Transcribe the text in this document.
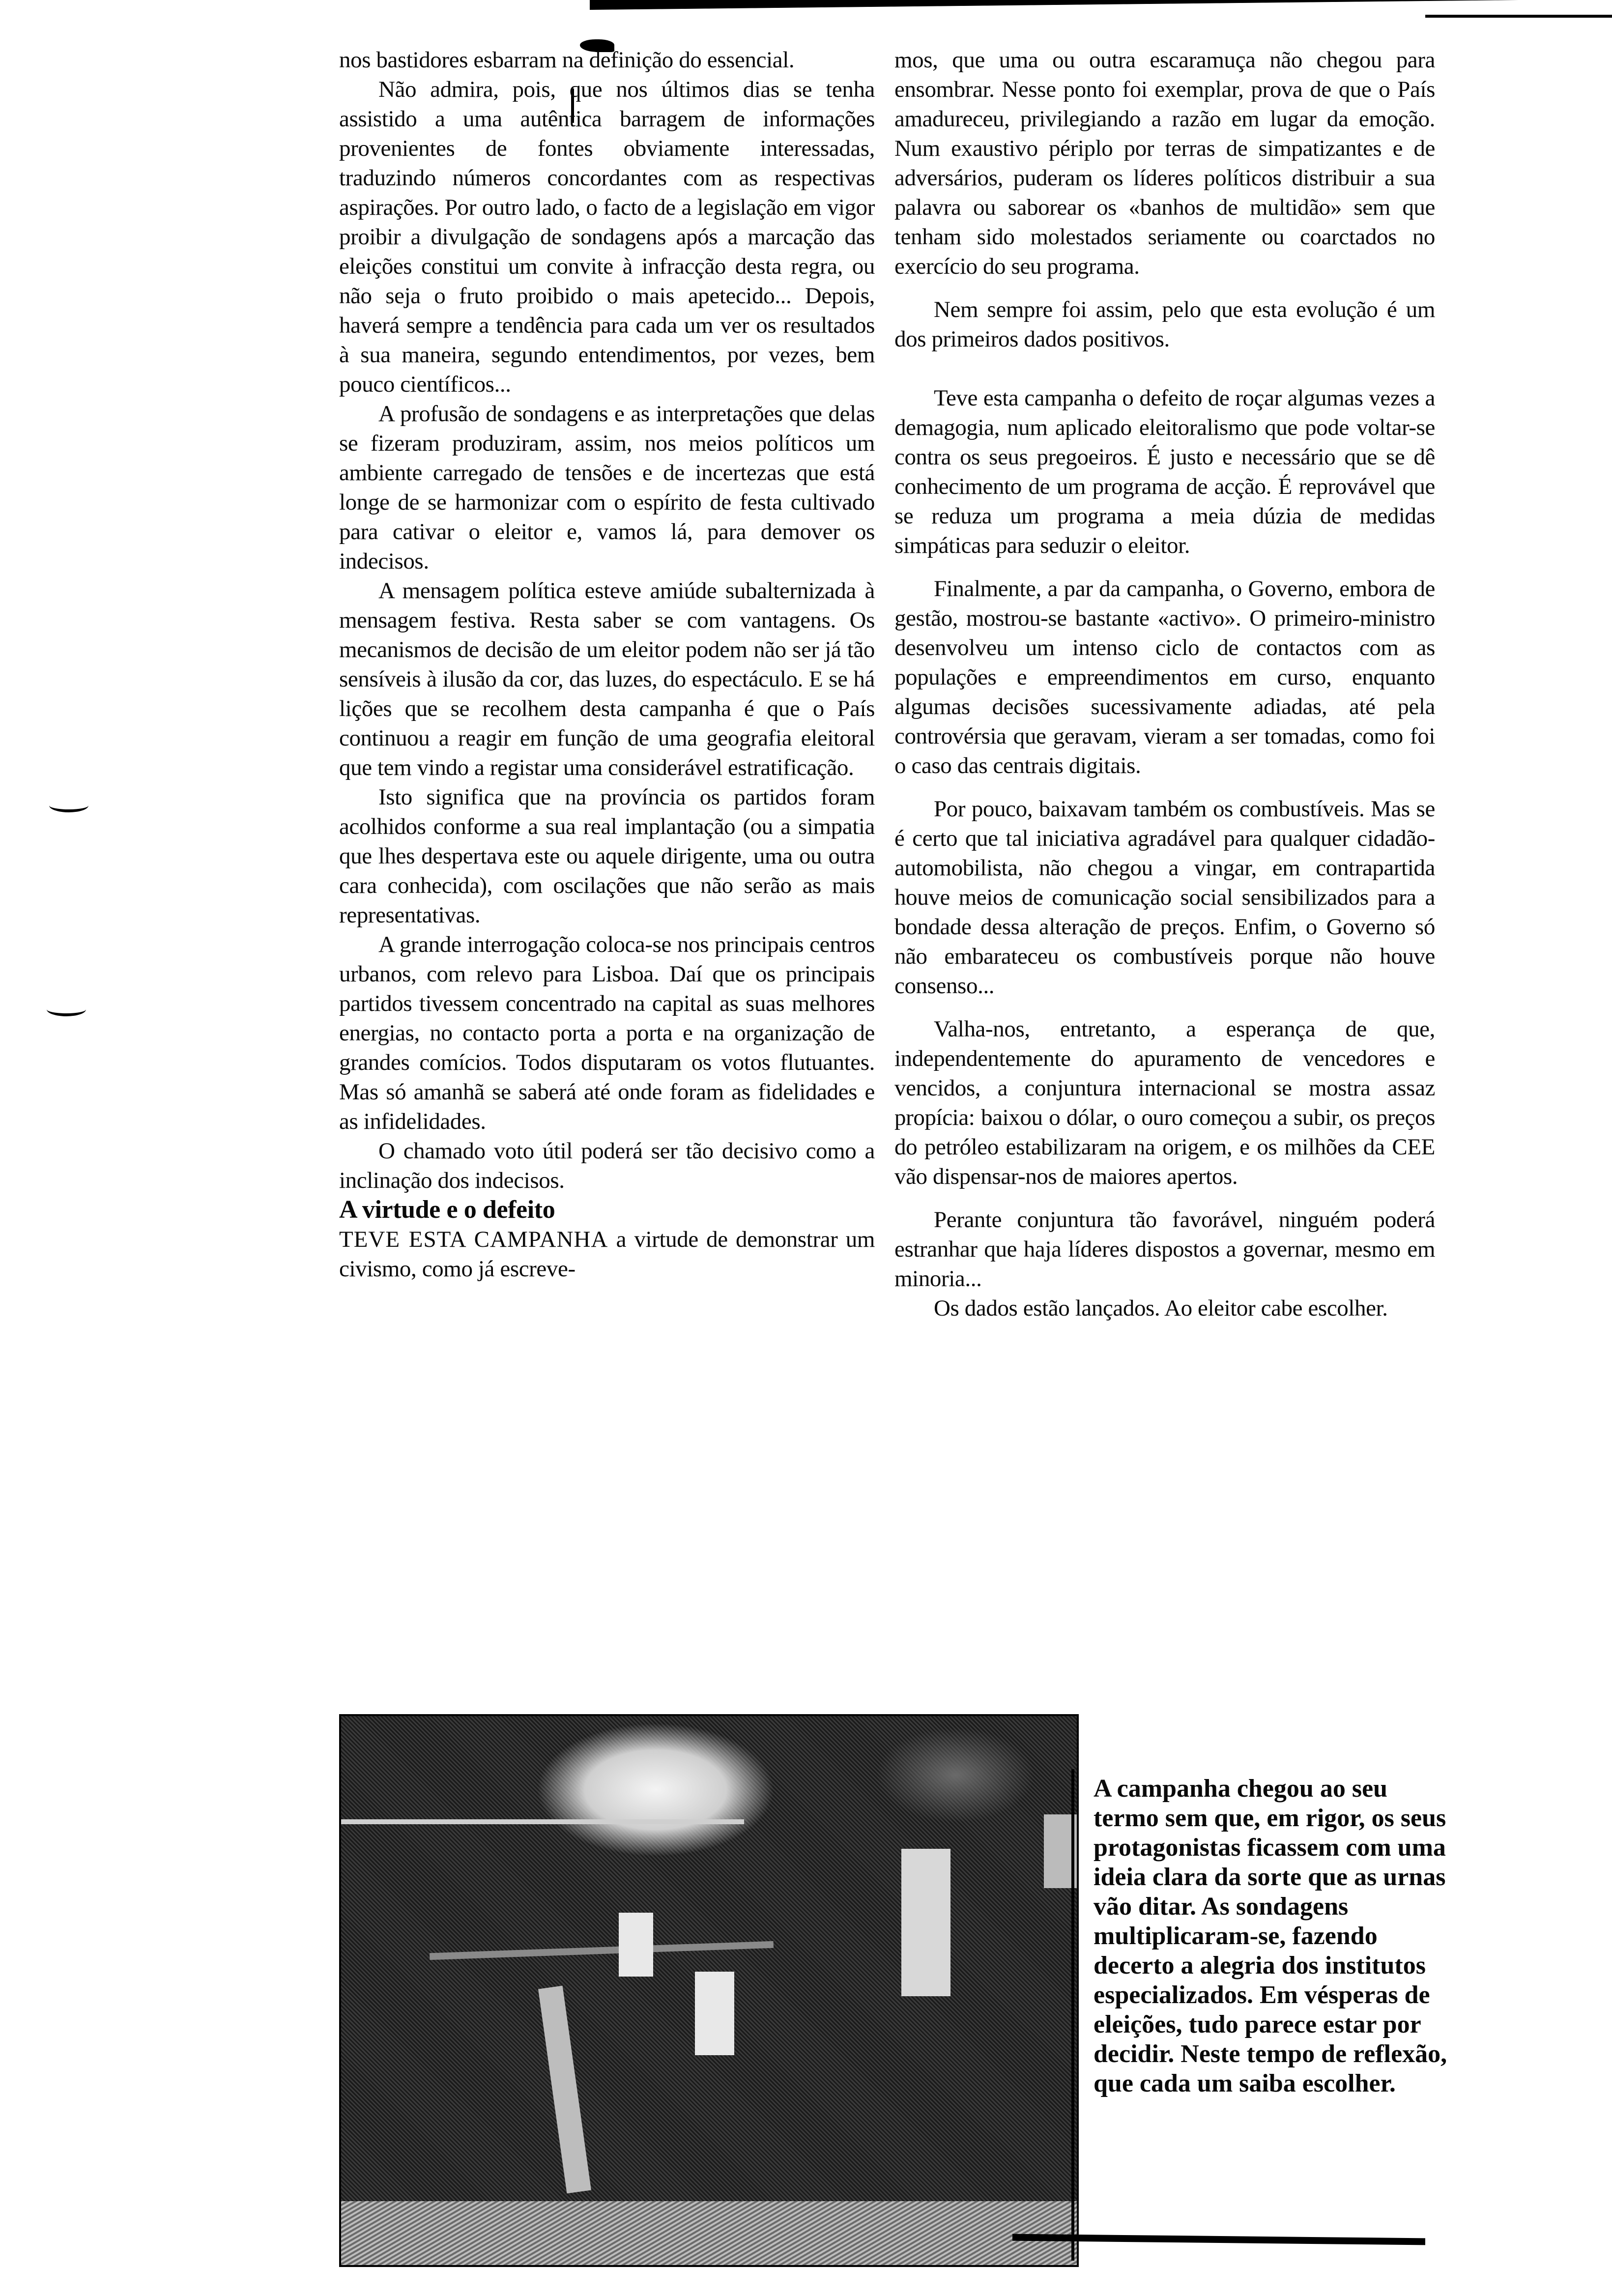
nos bastidores esbarram na definição do essencial.

Não admira, pois, que nos últimos dias se tenha assistido a uma autêntica barragem de informações provenientes de fontes obviamente interessadas, traduzindo números concordantes com as respectivas aspirações. Por outro lado, o facto de a legislação em vigor proibir a divulgação de sondagens após a marcação das eleições constitui um convite à infracção desta regra, ou não seja o fruto proibido o mais apetecido... Depois, haverá sempre a tendência para cada um ver os resultados à sua maneira, segundo entendimentos, por vezes, bem pouco científicos...

A profusão de sondagens e as interpretações que delas se fizeram produziram, assim, nos meios políticos um ambiente carregado de tensões e de incertezas que está longe de se harmonizar com o espírito de festa cultivado para cativar o eleitor e, vamos lá, para demover os indecisos.

A mensagem política esteve amiúde subalternizada à mensagem festiva. Resta saber se com vantagens. Os mecanismos de decisão de um eleitor podem não ser já tão sensíveis à ilusão da cor, das luzes, do espectáculo. E se há lições que se recolhem desta campanha é que o País continuou a reagir em função de uma geografia eleitoral que tem vindo a registar uma considerável estratificação.

Isto significa que na província os partidos foram acolhidos conforme a sua real implantação (ou a simpatia que lhes despertava este ou aquele dirigente, uma ou outra cara conhecida), com oscilações que não serão as mais representativas.

A grande interrogação coloca-se nos principais centros urbanos, com relevo para Lisboa. Daí que os principais partidos tivessem concentrado na capital as suas melhores energias, no contacto porta a porta e na organização de grandes comícios. Todos disputaram os votos flutuantes. Mas só amanhã se saberá até onde foram as fidelidades e as infidelidades.

O chamado voto útil poderá ser tão decisivo como a inclinação dos indecisos.

A virtude e o defeito

TEVE ESTA CAMPANHA a virtude de demonstrar um civismo, como já escreve-

mos, que uma ou outra escaramuça não chegou para ensombrar. Nesse ponto foi exemplar, prova de que o País amadureceu, privilegiando a razão em lugar da emoção. Num exaustivo périplo por terras de simpatizantes e de adversários, puderam os líderes políticos distribuir a sua palavra ou saborear os «banhos de multidão» sem que tenham sido molestados seriamente ou coarctados no exercício do seu programa.

Nem sempre foi assim, pelo que esta evolução é um dos primeiros dados positivos.

Teve esta campanha o defeito de roçar algumas vezes a demagogia, num aplicado eleitoralismo que pode voltar-se contra os seus pregoeiros. É justo e necessário que se dê conhecimento de um programa de acção. É reprovável que se reduza um programa a meia dúzia de medidas simpáticas para seduzir o eleitor.

Finalmente, a par da campanha, o Governo, embora de gestão, mostrou-se bastante «activo». O primeiro-ministro desenvolveu um intenso ciclo de contactos com as populações e empreendimentos em curso, enquanto algumas decisões sucessivamente adiadas, até pela controvérsia que geravam, vieram a ser tomadas, como foi o caso das centrais digitais.

Por pouco, baixavam também os combustíveis. Mas se é certo que tal iniciativa agradável para qualquer cidadão-automobilista, não chegou a vingar, em contrapartida houve meios de comunicação social sensibilizados para a bondade dessa alteração de preços. Enfim, o Governo só não embarateceu os combustíveis porque não houve consenso...

Valha-nos, entretanto, a esperança de que, independentemente do apuramento de vencedores e vencidos, a conjuntura internacional se mostra assaz propícia: baixou o dólar, o ouro começou a subir, os preços do petróleo estabilizaram na origem, e os milhões da CEE vão dispensar-nos de maiores apertos.

Perante conjuntura tão favorável, ninguém poderá estranhar que haja líderes dispostos a governar, mesmo em minoria...

Os dados estão lançados. Ao eleitor cabe escolher.

A campanha chegou ao seu termo sem que, em rigor, os seus protagonistas ficassem com uma ideia clara da sorte que as urnas vão ditar. As sondagens multiplicaram-se, fazendo decerto a alegria dos institutos especializados. Em vésperas de eleições, tudo parece estar por decidir. Neste tempo de reflexão, que cada um saiba escolher.
